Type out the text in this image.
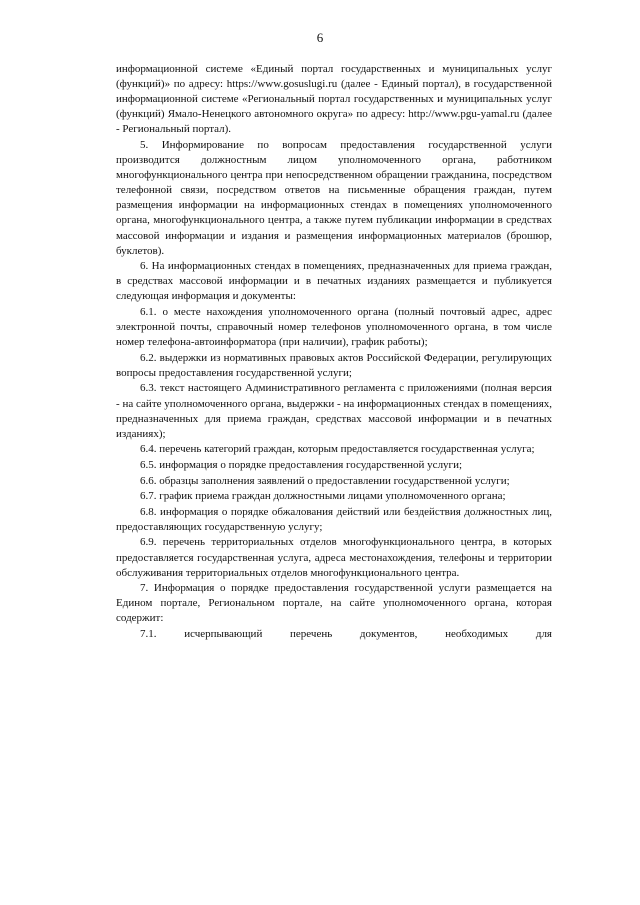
6

информационной системе «Единый портал государственных и муниципальных услуг (функций)» по адресу: https://www.gosuslugi.ru (далее - Единый портал), в государственной информационной системе «Региональный портал государственных и муниципальных услуг (функций) Ямало-Ненецкого автономного округа» по адресу: http://www.pgu-yamal.ru (далее - Региональный портал).

5. Информирование по вопросам предоставления государственной услуги производится должностным лицом уполномоченного органа, работником многофункционального центра при непосредственном обращении гражданина, посредством телефонной связи, посредством ответов на письменные обращения граждан, путем размещения информации на информационных стендах в помещениях уполномоченного органа, многофункционального центра, а также путем публикации информации в средствах массовой информации и издания и размещения информационных материалов (брошюр, буклетов).

6. На информационных стендах в помещениях, предназначенных для приема граждан, в средствах массовой информации и в печатных изданиях размещается и публикуется следующая информация и документы:

6.1. о месте нахождения уполномоченного органа (полный почтовый адрес, адрес электронной почты, справочный номер телефонов уполномоченного органа, в том числе номер телефона-автоинформатора (при наличии), график работы);

6.2. выдержки из нормативных правовых актов Российской Федерации, регулирующих вопросы предоставления государственной услуги;

6.3. текст настоящего Административного регламента с приложениями (полная версия - на сайте уполномоченного органа, выдержки - на информационных стендах в помещениях, предназначенных для приема граждан, средствах массовой информации и в печатных изданиях);

6.4. перечень категорий граждан, которым предоставляется государственная услуга;

6.5. информация о порядке предоставления государственной услуги;

6.6. образцы заполнения заявлений о предоставлении государственной услуги;

6.7. график приема граждан должностными лицами уполномоченного органа;

6.8. информация о порядке обжалования действий или бездействия должностных лиц, предоставляющих государственную услугу;

6.9. перечень территориальных отделов многофункционального центра, в которых предоставляется государственная услуга, адреса местонахождения, телефоны и территории обслуживания территориальных отделов многофункционального центра.

7. Информация о порядке предоставления государственной услуги размещается на Едином портале, Региональном портале, на сайте уполномоченного органа, которая содержит:

7.1. исчерпывающий перечень документов, необходимых для
